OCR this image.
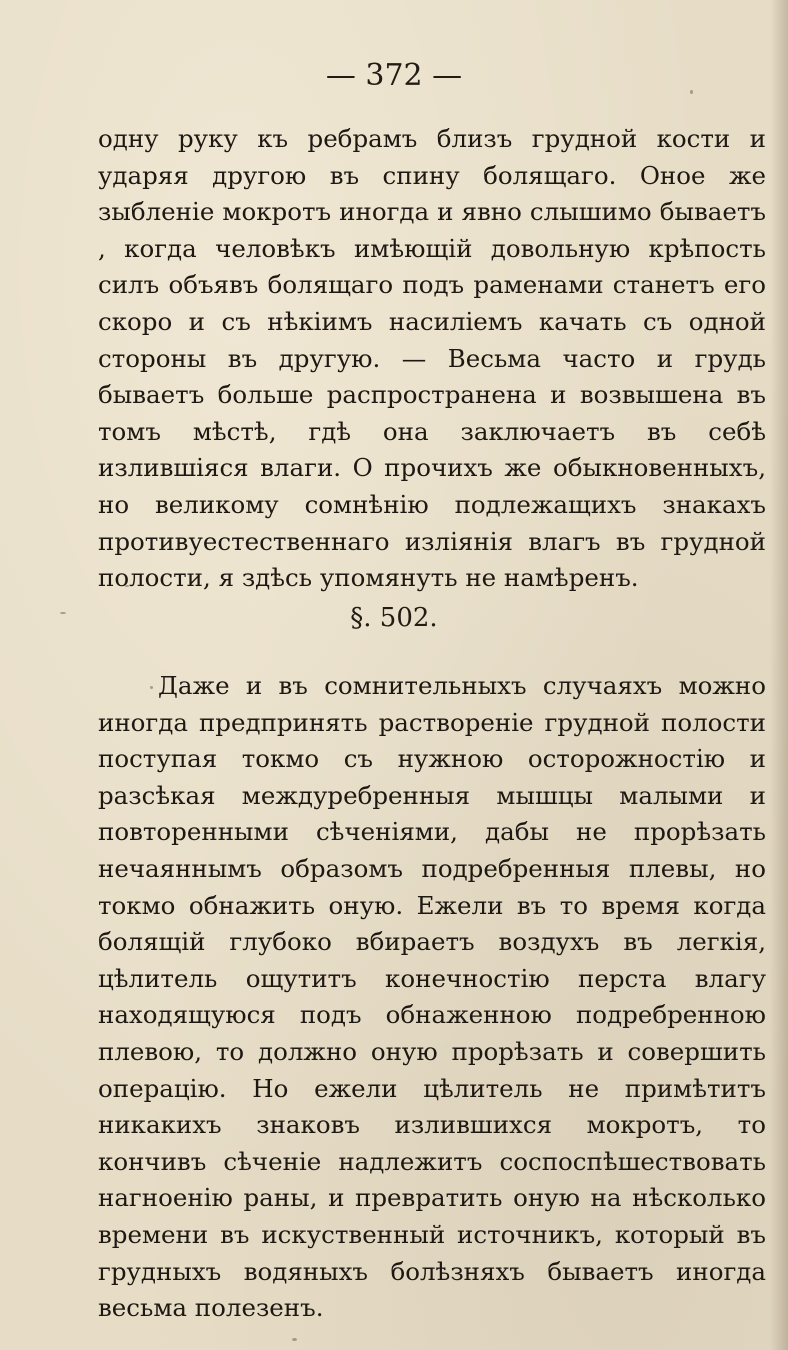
— 372 —
одну руку къ ребрамъ близъ грудной кости и ударяя другою въ спину болящаго. Оное же зыбленіе мокротъ иногда и явно слышимо бываетъ , когда человѣкъ имѣющій довольную крѣпость силъ объявъ болящаго подъ раменами станетъ его скоро и съ нѣкіимъ насиліемъ качать съ одной стороны въ другую. — Весьма часто и грудь бываетъ больше распространена и возвышена въ томъ мѣстѣ, гдѣ она заключаетъ въ себѣ излившіяся влаги. О прочихъ же обыкновенныхъ, но великому сомнѣнію подлежащихъ знакахъ противуестественнаго изліянія влагъ въ грудной полости, я здѣсь упомянуть не намѣренъ.
§. 502.
Даже и въ сомнительныхъ случаяхъ можно иногда предпринять раствореніе грудной полости поступая токмо съ нужною осторожностію и разсѣкая междуребренныя мышцы малыми и повторенными сѣченіями, дабы не прорѣзать нечаяннымъ образомъ подребренныя плевы, но токмо обнажить оную. Ежели въ то время когда болящій глубоко вбираетъ воздухъ въ легкія, цѣлитель ощутитъ конечностію перста влагу находящуюся подъ обнаженною подребренною плевою, то должно оную прорѣзать и совершить операцію. Но ежели цѣлитель не примѣтитъ никакихъ знаковъ излившихся мокротъ, то кончивъ сѣченіе надлежитъ соспоспѣшествовать нагноенію раны, и превратить оную на нѣсколько времени въ искуственный источникъ, который въ грудныхъ водяныхъ болѣзняхъ бываетъ иногда весьма полезенъ.
